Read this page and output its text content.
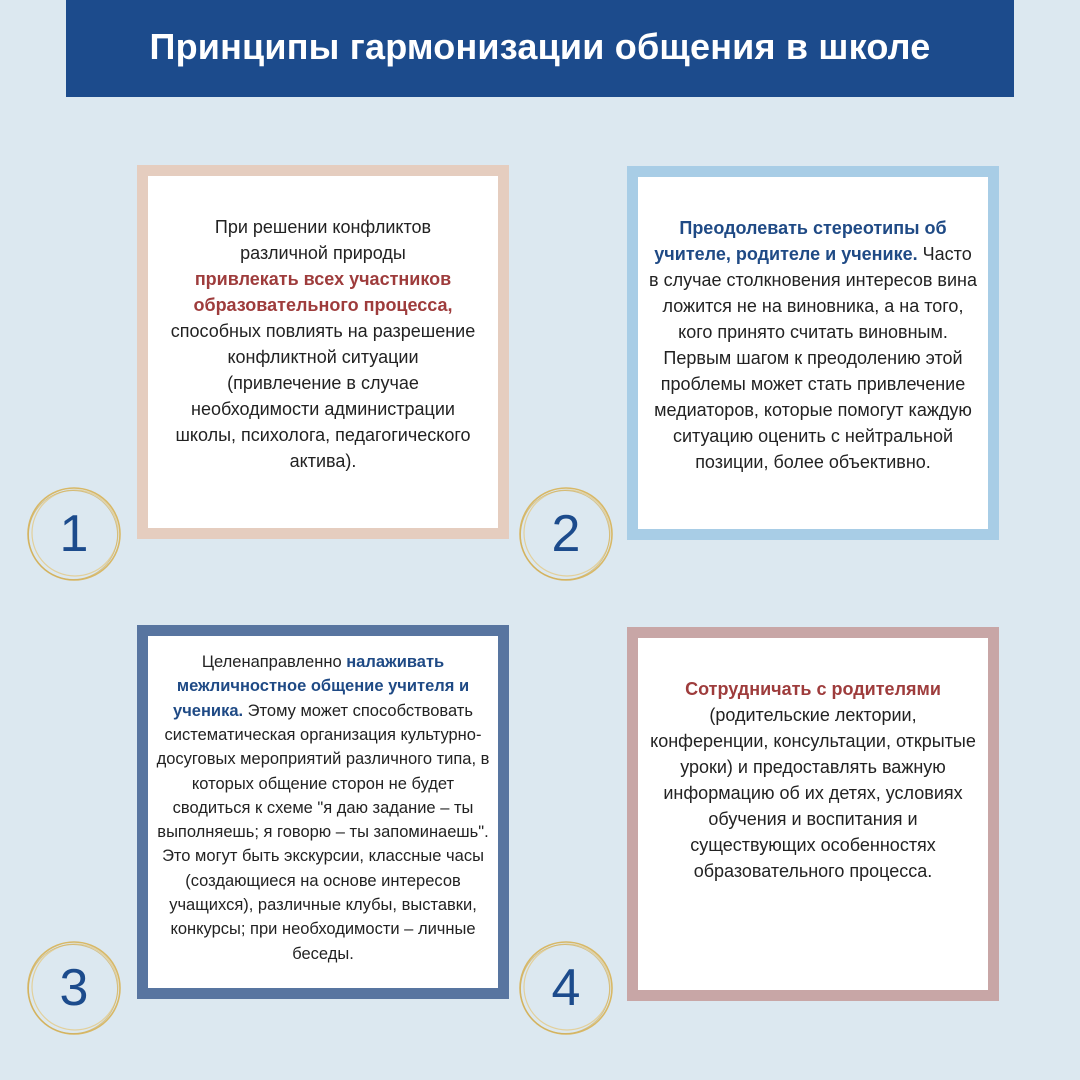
Принципы гармонизации общения в школе
При решении конфликтов различной природы
привлекать всех участников образовательного процесса,
способных повлиять на разрешение конфликтной ситуации (привлечение в случае необходимости администрации школы, психолога, педагогического актива).
Преодолевать стереотипы об учителе, родителе и ученике. Часто в случае столкновения интересов вина ложится не на виновника, а на того, кого принято считать виновным. Первым шагом к преодолению этой проблемы может стать привлечение медиаторов, которые помогут каждую ситуацию оценить с нейтральной позиции, более объективно.
Целенаправленно налаживать межличностное общение учителя и ученика. Этому может способствовать систематическая организация культурно-досуговых мероприятий различного типа, в которых общение сторон не будет сводиться к схеме "я даю задание – ты выполняешь; я говорю – ты запоминаешь". Это могут быть экскурсии, классные часы (создающиеся на основе интересов учащихся), различные клубы, выставки, конкурсы; при необходимости – личные беседы.
Сотрудничать с родителями
(родительские лектории, конференции, консультации, открытые уроки) и предоставлять важную информацию об их детях, условиях обучения и воспитания и существующих особенностях образовательного процесса.
1	2
3	4
